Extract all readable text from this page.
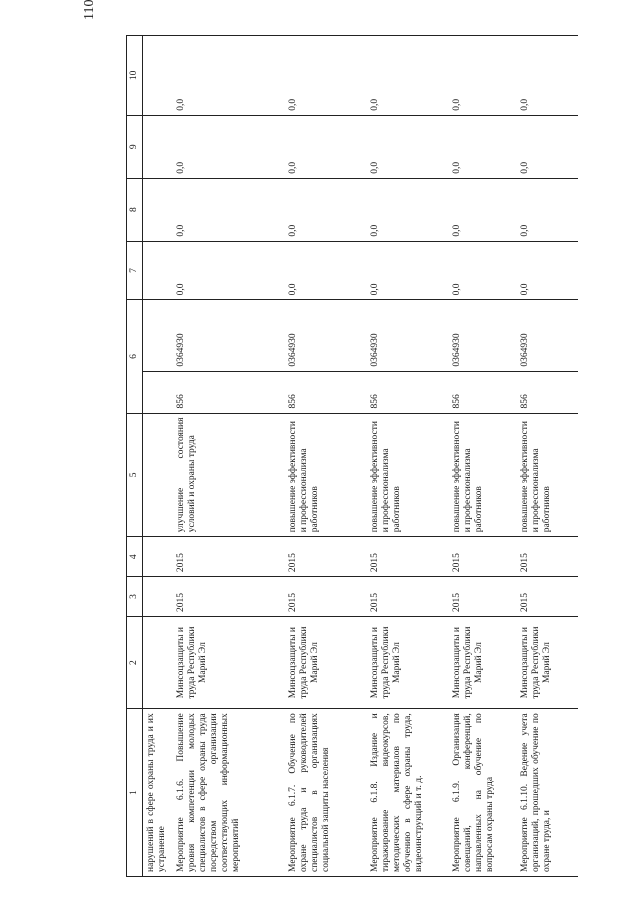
110
1	2	3	4	5	6		7	8	9	10
нарушений в сфере охраны труда и их устранение										
Мероприятие 6.1.6. Повышение уровня компетенции молодых специалистов в сфере охраны труда посредством организации соответствующих информационных мероприятий	Минсоцзащиты и труда Республики Марий Эл	2015	2015	улучшение состояния условий и охраны труда	856	0364930	0,0	0,0	0,0	0,0
Мероприятие 6.1.7. Обучение по охране труда и руководителей специалистов в организациях социальной защиты населения	Минсоцзащиты и труда Республики Марий Эл	2015	2015	повышение эффективности и профессионализма работников	856	0364930	0,0	0,0	0,0	0,0
Мероприятие 6.1.8. Издание и тиражирование видеокурсов, методических материалов по обучению в сфере охраны труда, видеоинструкций и т. д.	Минсоцзащиты и труда Республики Марий Эл	2015	2015	повышение эффективности и профессионализма работников	856	0364930	0,0	0,0	0,0	0,0
Мероприятие 6.1.9. Организация совещаний, конференций, направленных на обучение по вопросам охраны труда	Минсоцзащиты и труда Республики Марий Эл	2015	2015	повышение эффективности и профессионализма работников	856	0364930	0,0	0,0	0,0	0,0
Мероприятие 6.1.10. Ведение учета организаций, прошедших обучение по охране труда, и	Минсоцзащиты и труда Республики Марий Эл	2015	2015	повышение эффективности и профессионализма работников	856	0364930	0,0	0,0	0,0	0,0
